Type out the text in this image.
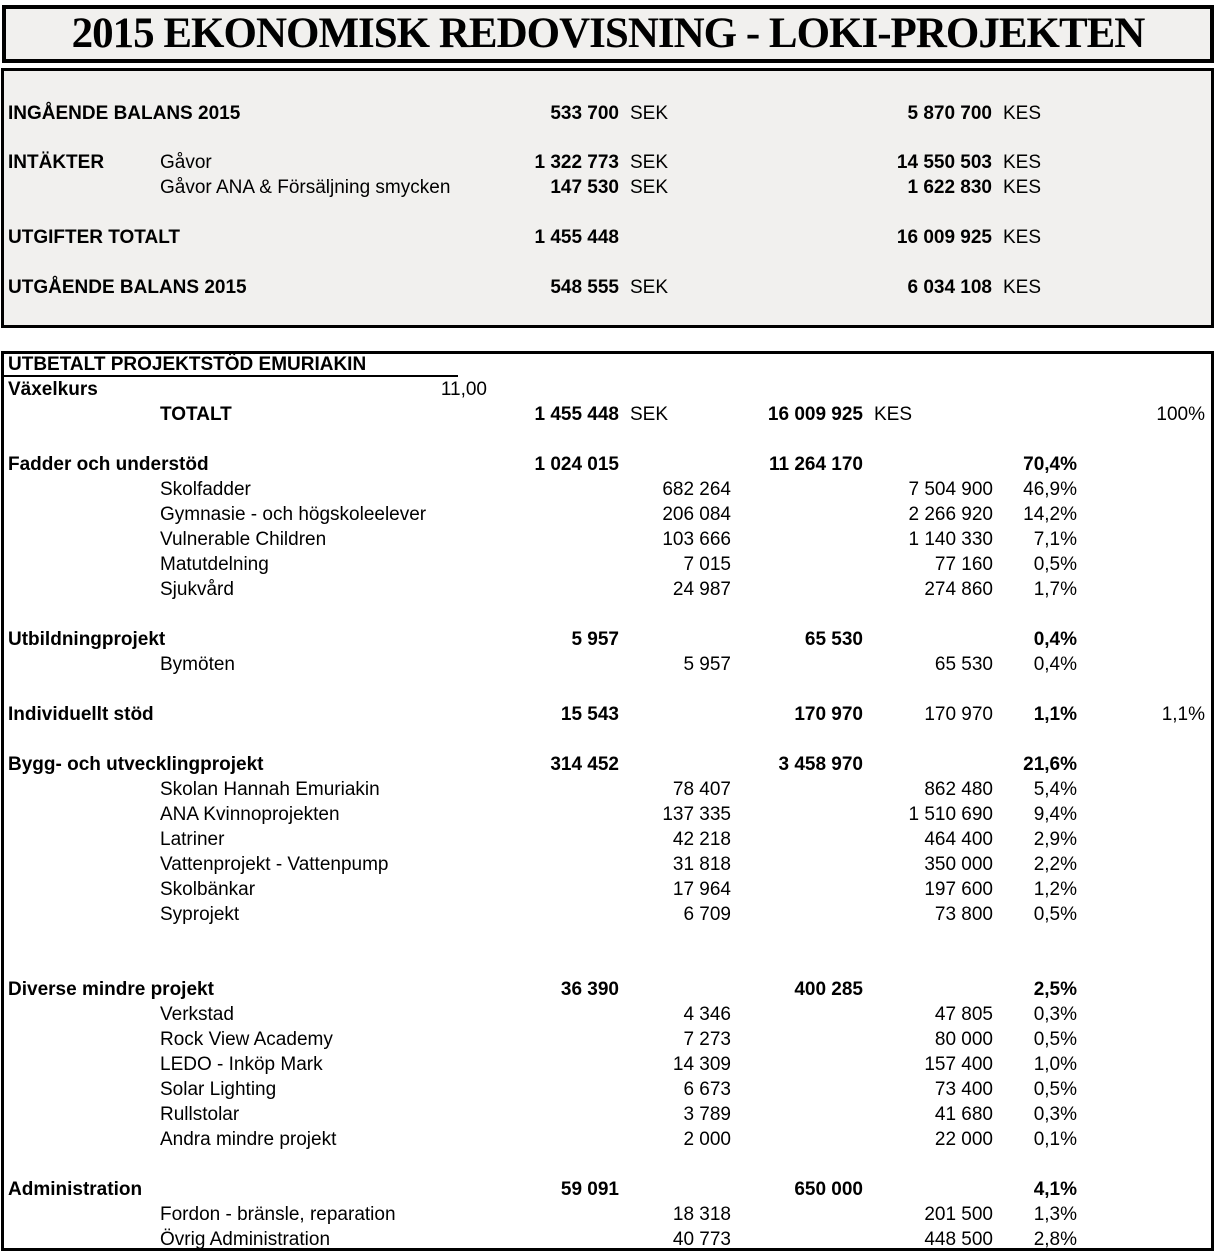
2015 EKONOMISK REDOVISNING - LOKI-PROJEKTEN
UTBETALT PROJEKTSTÖD EMURIAKIN
Växelkurs	11,00
INGÅENDE BALANS 2015	533 700 SEK	5 870 700 KES
INTÄKTER	Gåvor	1 322 773 SEK	14 550 503 KES
Gåvor ANA & Försäljning smycken	147 530 SEK	1 622 830 KES
UTGIFTER TOTALT	1 455 448	16 009 925 KES
UTGÅENDE BALANS 2015	548 555 SEK	6 034 108 KES
TOTALT	1 455 448 SEK	16 009 925 KES	100%
Fadder och understöd	1 024 015	11 264 170	70,4%
Skolfadder	682 264	7 504 900	46,9%
Gymnasie - och högskoleelever	206 084	2 266 920	14,2%
Vulnerable Children	103 666	1 140 330	7,1%
Matutdelning	7 015	77 160	0,5%
Sjukvård	24 987	274 860	1,7%
Utbildningprojekt	5 957	65 530	0,4%
Bymöten	5 957	65 530	0,4%
Individuellt stöd	15 543	170 970	170 970	1,1%	1,1%
Bygg- och utvecklingprojekt	314 452	3 458 970	21,6%
Skolan Hannah Emuriakin	78 407	862 480	5,4%
ANA Kvinnoprojekten	137 335	1 510 690	9,4%
Latriner	42 218	464 400	2,9%
Vattenprojekt - Vattenpump	31 818	350 000	2,2%
Skolbänkar	17 964	197 600	1,2%
Syprojekt	6 709	73 800	0,5%
Diverse mindre projekt	36 390	400 285	2,5%
Verkstad	4 346	47 805	0,3%
Rock View Academy	7 273	80 000	0,5%
LEDO - Inköp Mark	14 309	157 400	1,0%
Solar Lighting	6 673	73 400	0,5%
Rullstolar	3 789	41 680	0,3%
Andra mindre projekt	2 000	22 000	0,1%
Administration	59 091	650 000	4,1%
Fordon - bränsle, reparation	18 318	201 500	1,3%
Övrig Administration	40 773	448 500	2,8%
